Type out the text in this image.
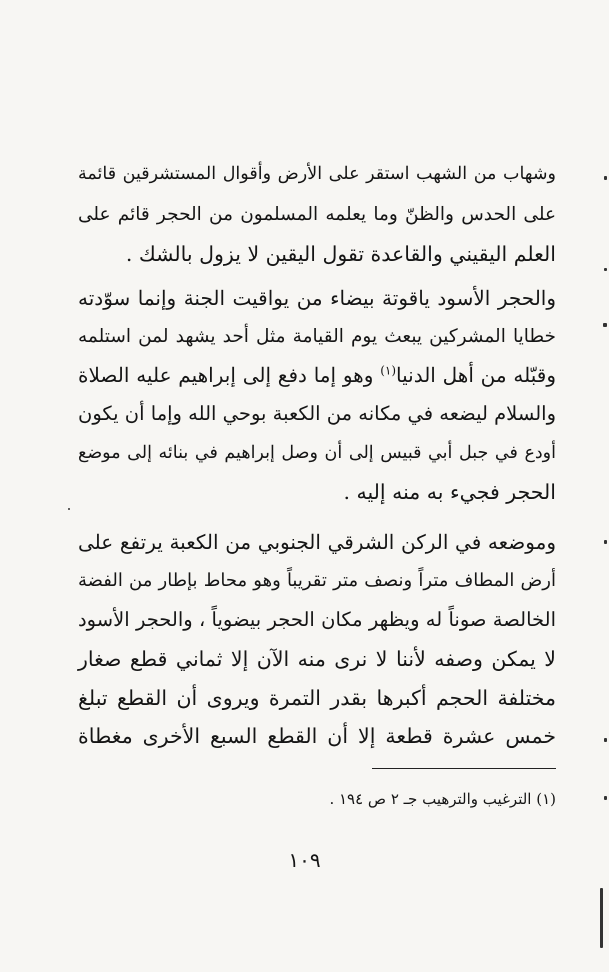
وشهاب من الشهب استقر على الأرض وأقوال المستشرقين قائمة
على الحدس والظنّ وما يعلمه المسلمون من الحجر قائم على
العلم اليقيني والقاعدة تقول اليقين لا يزول بالشك .
والحجر الأسود ياقوتة بيضاء من يواقيت الجنة وإنما سوّدته
خطايا المشركين يبعث يوم القيامة مثل أحد يشهد لمن استلمه
وقبّله من أهل الدنيا$^{(١)}$ وهو إما دفع إلى إبراهيم عليه الصلاة
والسلام ليضعه في مكانه من الكعبة بوحي الله وإما أن يكون
أودع في جبل أبي قبيس إلى أن وصل إبراهيم في بنائه إلى موضع
الحجر فجيء به منه إليه .
وموضعه في الركن الشرقي الجنوبي من الكعبة يرتفع على
أرض المطاف متراً ونصف متر تقريباً وهو محاط بإطار من الفضة
الخالصة صوناً له ويظهر مكان الحجر بيضوياً ، والحجر الأسود
لا يمكن وصفه لأننا لا نرى منه الآن إلا ثماني قطع صغار
مختلفة الحجم أكبرها بقدر التمرة ويروى أن القطع تبلغ
خمس عشرة قطعة إلا أن القطع السبع الأخرى مغطاة
(١) الترغيب والترهيب جـ ٢ ص ١٩٤ .
١٠٩
